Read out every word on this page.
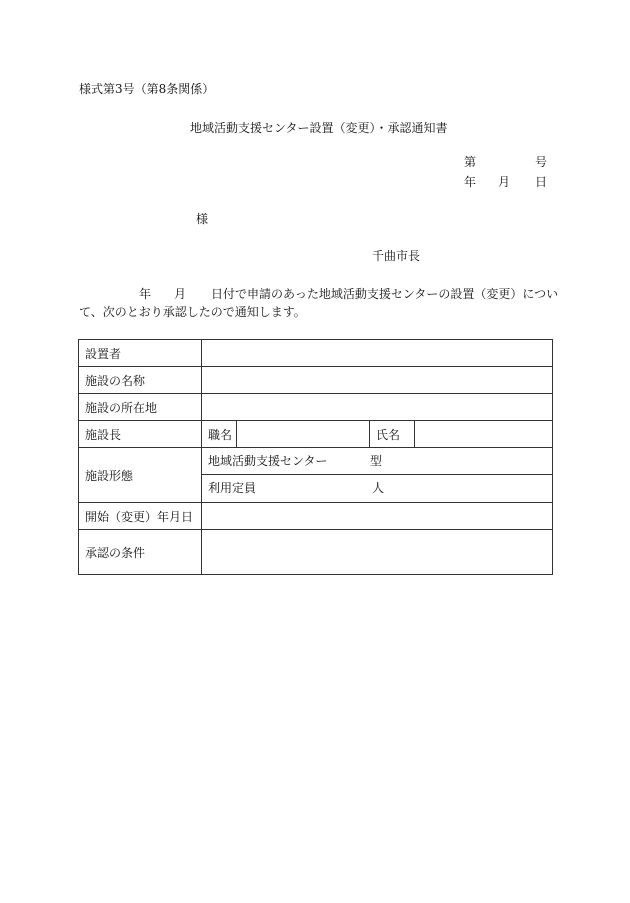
様式第3号（第8条関係）
地域活動支援センター設置（変更）・承認通知書
第	号
年 月 日
様
千曲市長
年 月 日付で申請のあった地域活動支援センターの設置（変更）につい
て、次のとおり承認したので通知します。
設置者				
施設の名称				
施設の所在地				
施設長	職名		氏名	
施設形態	地域活動支援センター 型
利用定員 人			

開始（変更）年月日				
承認の条件				
